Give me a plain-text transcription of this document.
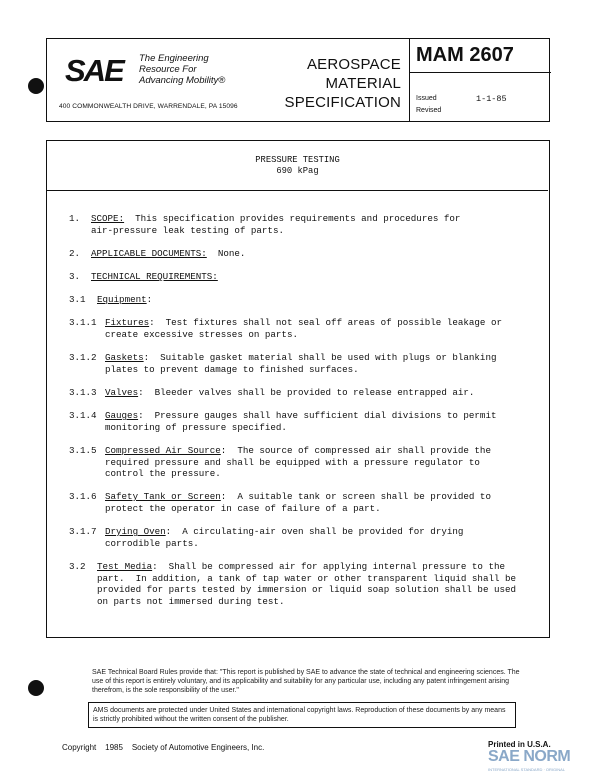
SAE The Engineering
Resource For
Advancing Mobility®
400 COMMONWEALTH DRIVE, WARRENDALE, PA 15096
AEROSPACE
MATERIAL
SPECIFICATION
MAM 2607
Issued	1-1-85
Revised
PRESSURE TESTING
690 kPag
1. SCOPE:  This specification provides requirements and procedures for
air-pressure leak testing of parts.
2. APPLICABLE DOCUMENTS:  None.
3. TECHNICAL REQUIREMENTS:
3.1 Equipment:
3.1.1 Fixtures:  Test fixtures shall not seal off areas of possible leakage or
create excessive stresses on parts.
3.1.2 Gaskets:  Suitable gasket material shall be used with plugs or blanking
plates to prevent damage to finished surfaces.
3.1.3 Valves:  Bleeder valves shall be provided to release entrapped air.
3.1.4 Gauges:  Pressure gauges shall have sufficient dial divisions to permit
monitoring of pressure specified.
3.1.5 Compressed Air Source:  The source of compressed air shall provide the
required pressure and shall be equipped with a pressure regulator to
control the pressure.
3.1.6 Safety Tank or Screen:  A suitable tank or screen shall be provided to
protect the operator in case of failure of a part.
3.1.7 Drying Oven:  A circulating-air oven shall be provided for drying
corrodible parts.
3.2 Test Media:  Shall be compressed air for applying internal pressure to the
part.  In addition, a tank of tap water or other transparent liquid shall be
provided for parts tested by immersion or liquid soap solution shall be used
on parts not immersed during test.
SAE Technical Board Rules provide that: "This report is published by SAE to advance the state of technical and engineering sciences. The use of this report is entirely voluntary, and its applicability and suitability for any particular use, including any patent infringement arising therefrom, is the sole responsibility of the user."
AMS documents are protected under United States and international copyright laws. Reproduction of these documents by any means is strictly prohibited without the written consent of the publisher.
Copyright 1985 Society of Automotive Engineers, Inc.	Printed in U.S.A.
SAE NORM
INTERNATIONAL STANDARD · ORIGINAL
